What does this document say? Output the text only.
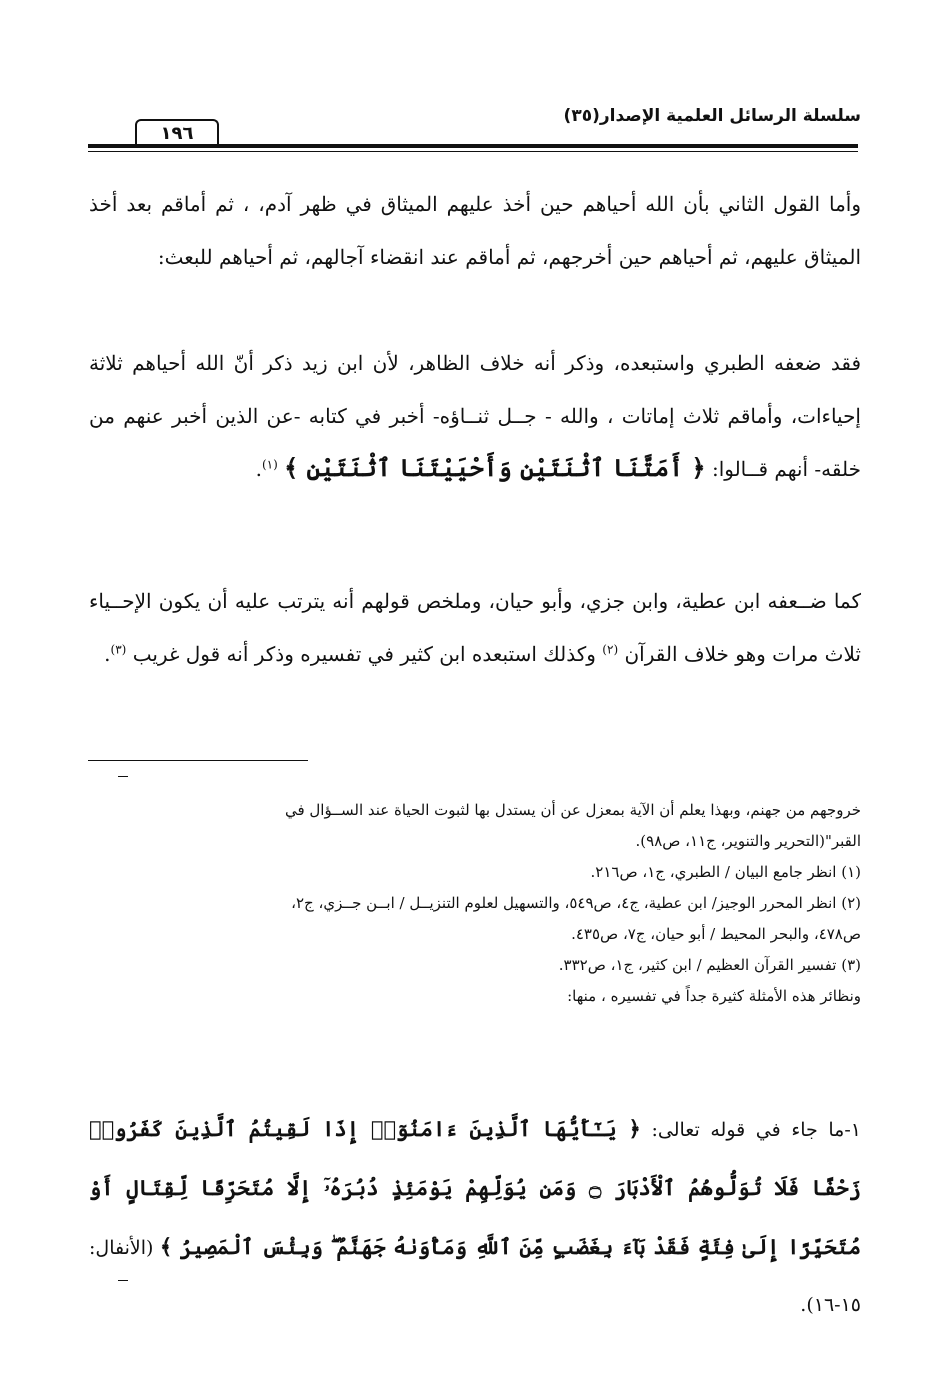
سلسلة الرسائل العلمية الإصدار(٣٥)
١٩٦

وأما القول الثاني بأن الله أحياهم حين أخذ عليهم الميثاق في ظهر آدم، ، ثم أماقم بعد أخذ الميثاق عليهم، ثم أحياهم حين أخرجهم، ثم أماقم عند انقضاء آجالهم، ثم أحياهم للبعث:

فقد ضعفه الطبري واستبعده، وذكر أنه خلاف الظاهر، لأن ابن زيد ذكر أنّ الله أحياهم ثلاثة إحياءات، وأماقم ثلاث إماتات ، والله - جــل ثنــاؤه- أخبر في كتابه -عن الذين أخبر عنهم من خلقه- أنهم قــالوا: ﴿ أَمَتَّنَا ٱثْنَتَيْنِ وَأَحْيَيْتَنَا ٱثْنَتَيْنِ ﴾ $^{(١)}$.

كما ضــعفه ابن عطية، وابن جزي، وأبو حيان، وملخص قولهم أنه يترتب عليه أن يكون الإحــياء ثلاث مرات وهو خلاف القرآن $^{(٢)}$ وكذلك استبعده ابن كثير في تفسيره وذكر أنه قول غريب $^{(٣)}$.

خروجهم من جهنم، وبهذا يعلم أن الآية بمعزل عن أن يستدل بها لثبوت الحياة عند الســؤال في

القبر"(التحرير والتنوير، ج١١، ص٩٨).

(١) انظر جامع البيان / الطبري، ج١، ص٢١٦.

(٢) انظر المحرر الوجيز/ ابن عطية، ج٤، ص٥٤٩، والتسهيل لعلوم التنزيــل / ابــن جــزي، ج٢،

ص٤٧٨، والبحر المحيط / أبو حيان، ج٧، ص٤٣٥.

(٣) تفسير القرآن العظيم / ابن كثير، ج١، ص٣٣٢.

ونظائر هذه الأمثلة كثيرة جداً في تفسيره ، منها:

١-ما جاء في قوله تعالى: ﴿ يَـٰٓأَيُّهَا ٱلَّذِينَ ءَامَنُوٓا۟ إِذَا لَقِيتُمُ ٱلَّذِينَ كَفَرُوا۟ زَحْفًا فَلَا تُوَلُّوهُمُ ٱلْأَدْبَارَ ۝ وَمَن يُوَلِّهِمْ يَوْمَئِذٍ دُبُرَهُۥٓ إِلَّا مُتَحَرِّفًا لِّقِتَالٍ أَوْ مُتَحَيِّزًا إِلَىٰ فِئَةٍ فَقَدْ بَآءَ بِغَضَبٍ مِّنَ ٱللَّهِ وَمَأْوَىٰهُ جَهَنَّمُ ۖ وَبِئْسَ ٱلْمَصِيرُ ﴾ (الأنفال: ١٥-١٦).
